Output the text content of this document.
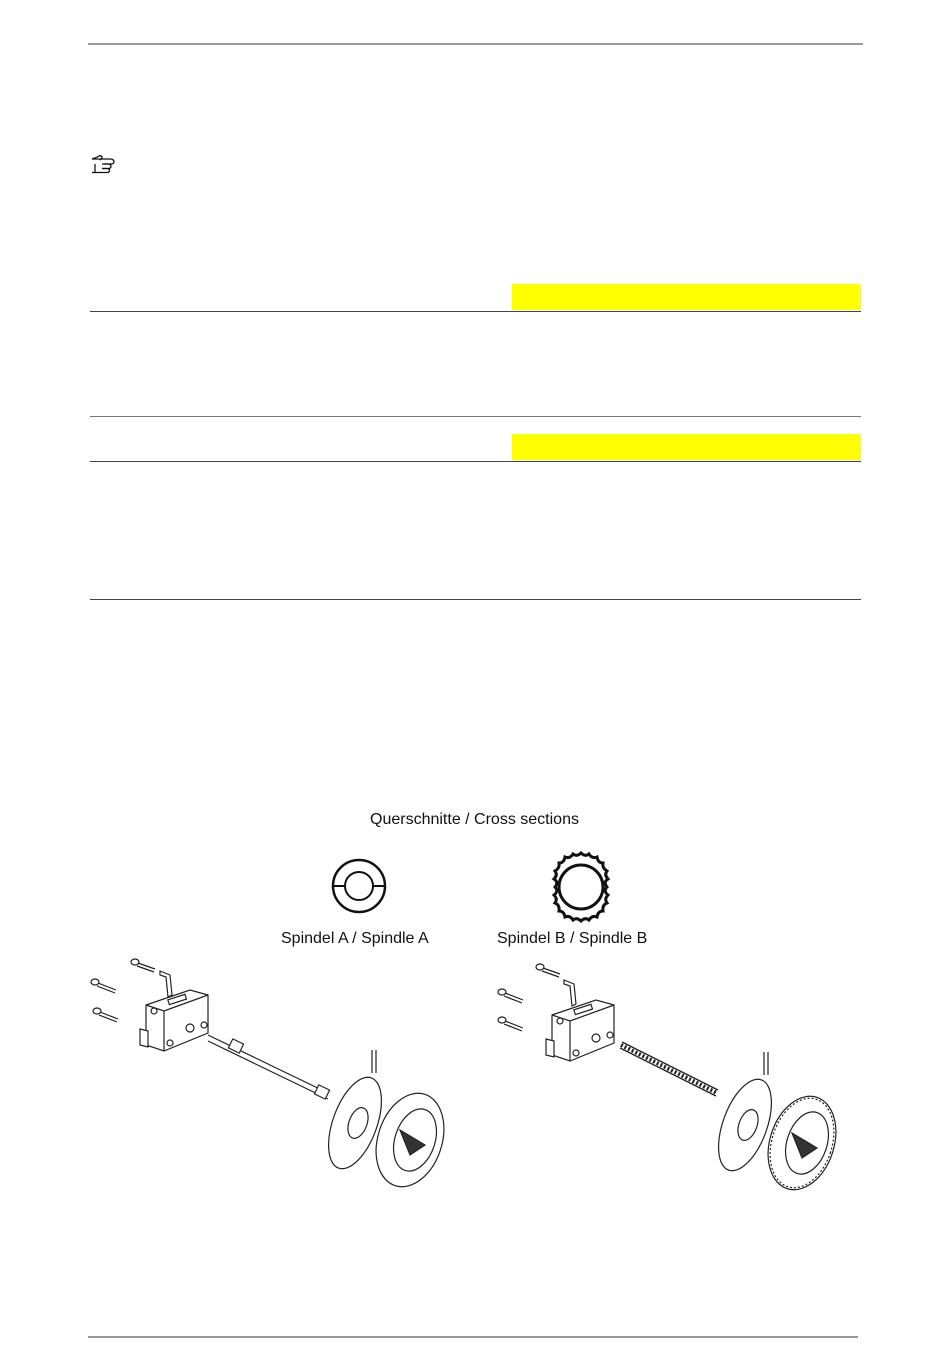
Querschnitte / Cross sections
Spindel A / Spindle A	Spindel B / Spindle B
